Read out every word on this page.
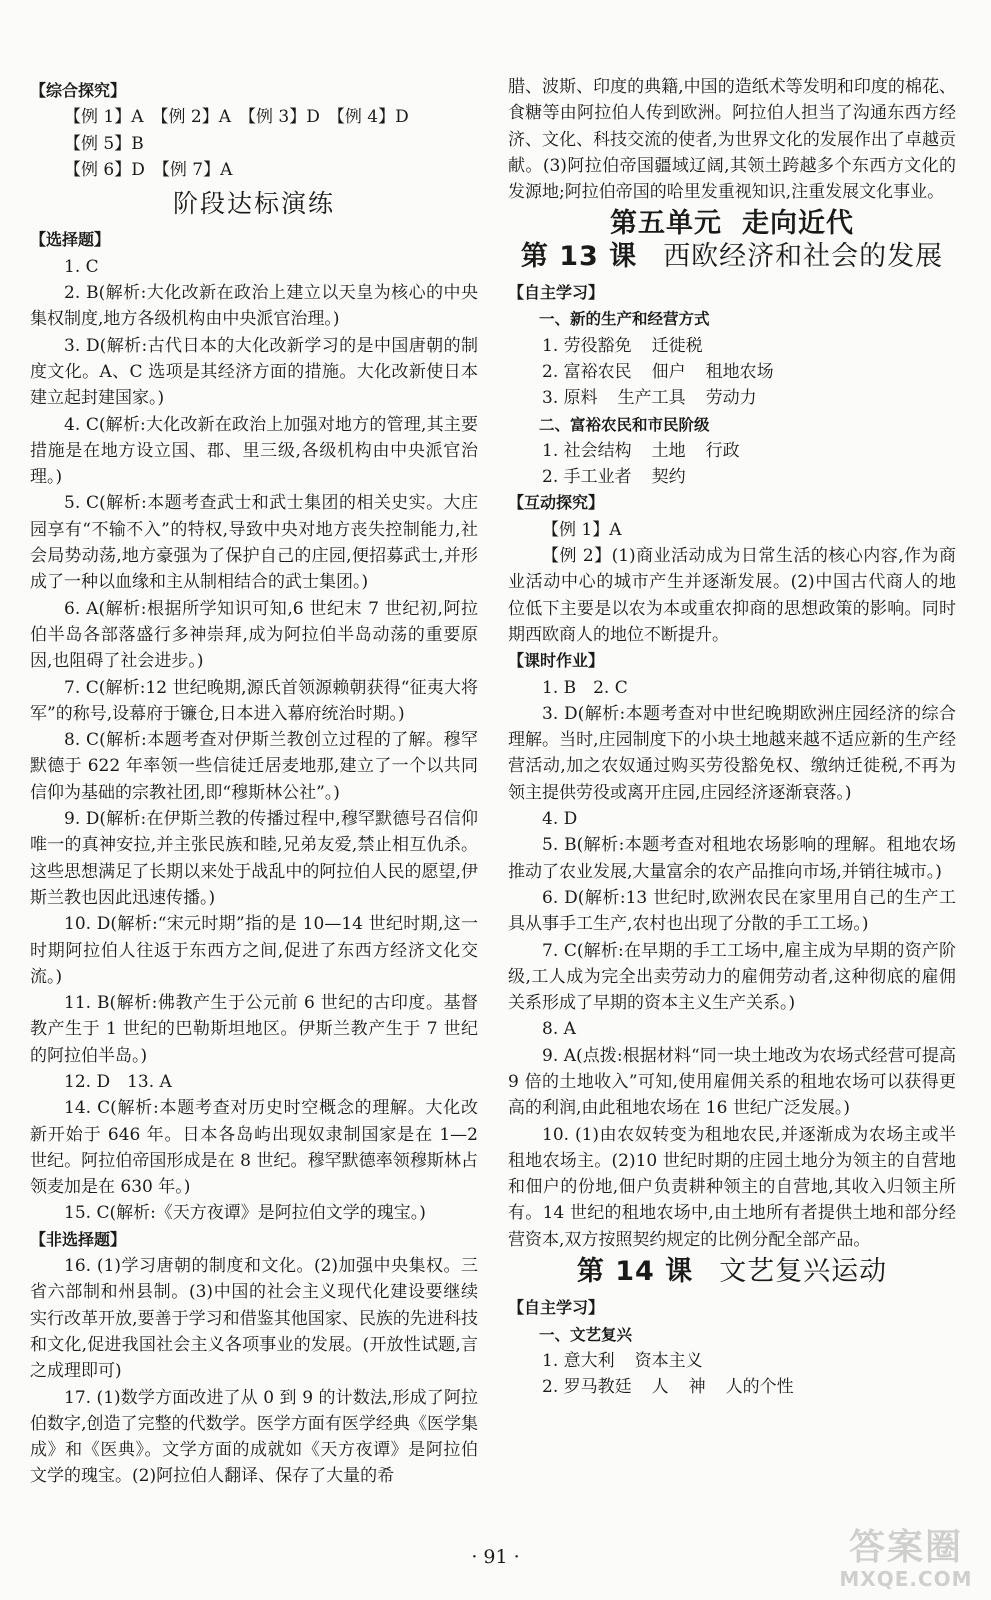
【综合探究】

【例 1】A 【例 2】A 【例 3】D 【例 4】D【例 5】B

【例 6】D 【例 7】A

阶段达标演练

【选择题】

1. C

2. B(解析:大化改新在政治上建立以天皇为核心的中央集权制度,地方各级机构由中央派官治理。)

3. D(解析:古代日本的大化改新学习的是中国唐朝的制度文化。A、C 选项是其经济方面的措施。大化改新使日本建立起封建国家。)

4. C(解析:大化改新在政治上加强对地方的管理,其主要措施是在地方设立国、郡、里三级,各级机构由中央派官治理。)

5. C(解析:本题考查武士和武士集团的相关史实。大庄园享有“不输不入”的特权,导致中央对地方丧失控制能力,社会局势动荡,地方豪强为了保护自己的庄园,便招募武士,并形成了一种以血缘和主从制相结合的武士集团。)

6. A(解析:根据所学知识可知,6 世纪末 7 世纪初,阿拉伯半岛各部落盛行多神崇拜,成为阿拉伯半岛动荡的重要原因,也阻碍了社会进步。)

7. C(解析:12 世纪晚期,源氏首领源赖朝获得“征夷大将军”的称号,设幕府于镰仓,日本进入幕府统治时期。)

8. C(解析:本题考查对伊斯兰教创立过程的了解。穆罕默德于 622 年率领一些信徒迁居麦地那,建立了一个以共同信仰为基础的宗教社团,即“穆斯林公社”。)

9. D(解析:在伊斯兰教的传播过程中,穆罕默德号召信仰唯一的真神安拉,并主张民族和睦,兄弟友爱,禁止相互仇杀。这些思想满足了长期以来处于战乱中的阿拉伯人民的愿望,伊斯兰教也因此迅速传播。)

10. D(解析:“宋元时期”指的是 10—14 世纪时期,这一时期阿拉伯人往返于东西方之间,促进了东西方经济文化交流。)

11. B(解析:佛教产生于公元前 6 世纪的古印度。基督教产生于 1 世纪的巴勒斯坦地区。伊斯兰教产生于 7 世纪的阿拉伯半岛。)

12. D　13. A

14. C(解析:本题考查对历史时空概念的理解。大化改新开始于 646 年。日本各岛屿出现奴隶制国家是在 1—2 世纪。阿拉伯帝国形成是在 8 世纪。穆罕默德率领穆斯林占领麦加是在 630 年。)

15. C(解析:《天方夜谭》是阿拉伯文学的瑰宝。)

【非选择题】

16. (1)学习唐朝的制度和文化。(2)加强中央集权。三省六部制和州县制。(3)中国的社会主义现代化建设要继续实行改革开放,要善于学习和借鉴其他国家、民族的先进科技和文化,促进我国社会主义各项事业的发展。(开放性试题,言之成理即可)

17. (1)数学方面改进了从 0 到 9 的计数法,形成了阿拉伯数字,创造了完整的代数学。医学方面有医学经典《医学集成》和《医典》。文学方面的成就如《天方夜谭》是阿拉伯文学的瑰宝。(2)阿拉伯人翻译、保存了大量的希

腊、波斯、印度的典籍,中国的造纸术等发明和印度的棉花、食糖等由阿拉伯人传到欧洲。阿拉伯人担当了沟通东西方经济、文化、科技交流的使者,为世界文化的发展作出了卓越贡献。(3)阿拉伯帝国疆域辽阔,其领土跨越多个东西方文化的发源地;阿拉伯帝国的哈里发重视知识,注重发展文化事业。

第五单元 走向近代

第 13 课 西欧经济和社会的发展

【自主学习】

一、新的生产和经营方式

1. 劳役豁免 迁徙税

2. 富裕农民 佃户 租地农场

3. 原料 生产工具 劳动力

二、富裕农民和市民阶级

1. 社会结构 土地 行政

2. 手工业者 契约

【互动探究】

【例 1】A

【例 2】(1)商业活动成为日常生活的核心内容,作为商业活动中心的城市产生并逐渐发展。(2)中国古代商人的地位低下主要是以农为本或重农抑商的思想政策的影响。同时期西欧商人的地位不断提升。

【课时作业】

1. B　2. C

3. D(解析:本题考查对中世纪晚期欧洲庄园经济的综合理解。当时,庄园制度下的小块土地越来越不适应新的生产经营活动,加之农奴通过购买劳役豁免权、缴纳迁徙税,不再为领主提供劳役或离开庄园,庄园经济逐渐衰落。)

4. D

5. B(解析:本题考查对租地农场影响的理解。租地农场推动了农业发展,大量富余的农产品推向市场,并销往城市。)

6. D(解析:13 世纪时,欧洲农民在家里用自己的生产工具从事手工生产,农村也出现了分散的手工工场。)

7. C(解析:在早期的手工工场中,雇主成为早期的资产阶级,工人成为完全出卖劳动力的雇佣劳动者,这种彻底的雇佣关系形成了早期的资本主义生产关系。)

8. A

9. A(点拨:根据材料“同一块土地改为农场式经营可提高 9 倍的土地收入”可知,使用雇佣关系的租地农场可以获得更高的利润,由此租地农场在 16 世纪广泛发展。)

10. (1)由农奴转变为租地农民,并逐渐成为农场主或半租地农场主。(2)10 世纪时期的庄园土地分为领主的自营地和佃户的份地,佃户负责耕种领主的自营地,其收入归领主所有。14 世纪的租地农场中,由土地所有者提供土地和部分经营资本,双方按照契约规定的比例分配全部产品。

第 14 课 文艺复兴运动

【自主学习】

一、文艺复兴

1. 意大利 资本主义

2. 罗马教廷 人 神 人的个性

· 91 ·	答案圈
MXQE.COM
